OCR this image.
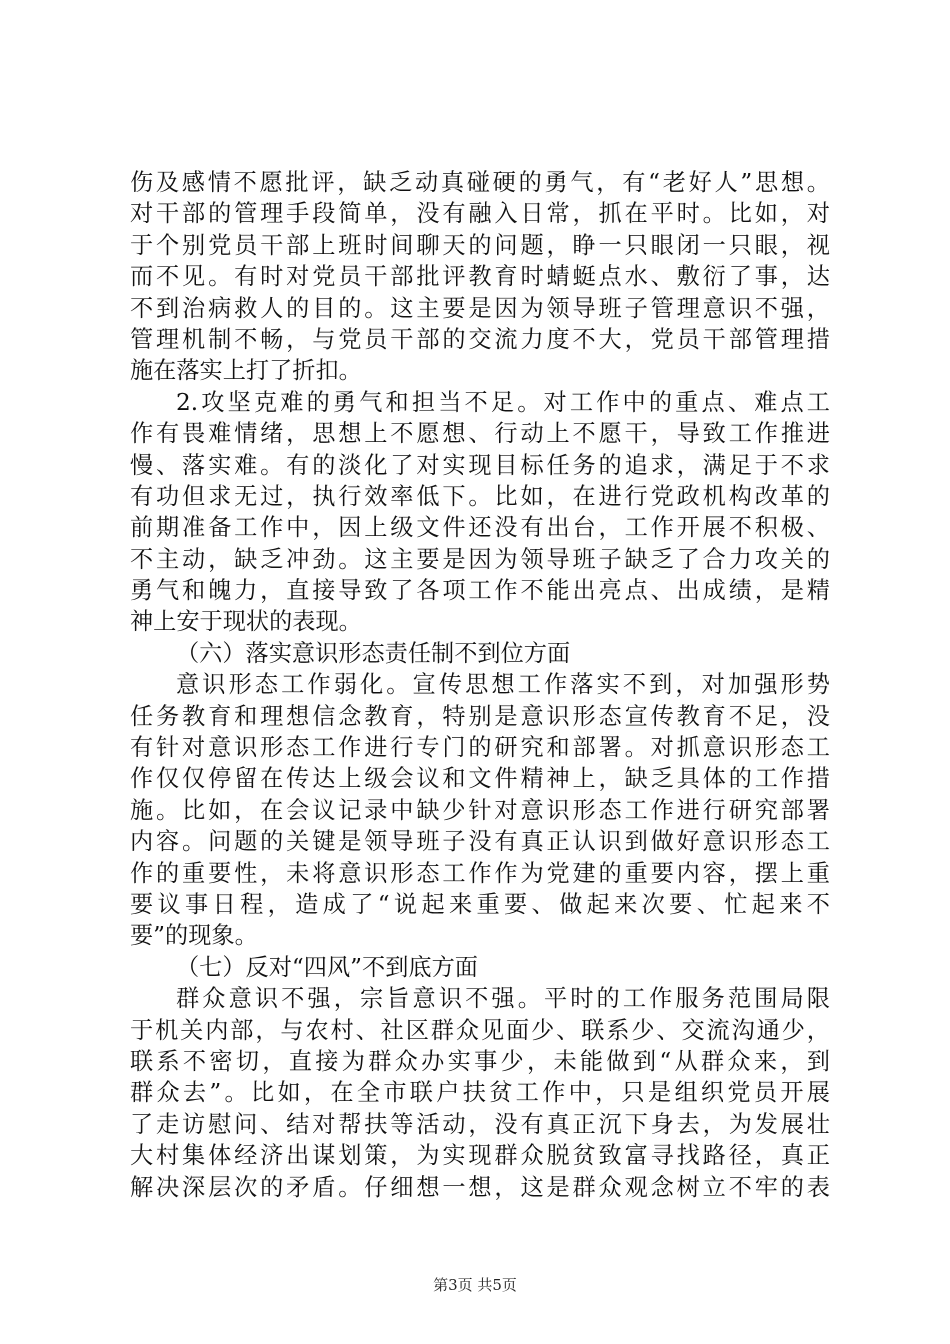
伤及感情不愿批评，缺乏动真碰硬的勇气，有“老好人”思想。
对干部的管理手段简单，没有融入日常，抓在平时。比如，对
于个别党员干部上班时间聊天的问题，睁一只眼闭一只眼，视
而不见。有时对党员干部批评教育时蜻蜓点水、敷衍了事，达
不到治病救人的目的。这主要是因为领导班子管理意识不强，
管理机制不畅，与党员干部的交流力度不大，党员干部管理措
施在落实上打了折扣。
2.攻坚克难的勇气和担当不足。对工作中的重点、难点工
作有畏难情绪，思想上不愿想、行动上不愿干，导致工作推进
慢、落实难。有的淡化了对实现目标任务的追求，满足于不求
有功但求无过，执行效率低下。比如，在进行党政机构改革的
前期准备工作中，因上级文件还没有出台，工作开展不积极、
不主动，缺乏冲劲。这主要是因为领导班子缺乏了合力攻关的
勇气和魄力，直接导致了各项工作不能出亮点、出成绩，是精
神上安于现状的表现。
（六）落实意识形态责任制不到位方面
意识形态工作弱化。宣传思想工作落实不到，对加强形势
任务教育和理想信念教育，特别是意识形态宣传教育不足，没
有针对意识形态工作进行专门的研究和部署。对抓意识形态工
作仅仅停留在传达上级会议和文件精神上，缺乏具体的工作措
施。比如，在会议记录中缺少针对意识形态工作进行研究部署
内容。问题的关键是领导班子没有真正认识到做好意识形态工
作的重要性，未将意识形态工作作为党建的重要内容，摆上重
要议事日程，造成了“说起来重要、做起来次要、忙起来不
要”的现象。
（七）反对“四风”不到底方面
群众意识不强，宗旨意识不强。平时的工作服务范围局限
于机关内部，与农村、社区群众见面少、联系少、交流沟通少，
联系不密切，直接为群众办实事少，未能做到“从群众来，到
群众去”。比如，在全市联户扶贫工作中，只是组织党员开展
了走访慰问、结对帮扶等活动，没有真正沉下身去，为发展壮
大村集体经济出谋划策，为实现群众脱贫致富寻找路径，真正
解决深层次的矛盾。仔细想一想，这是群众观念树立不牢的表
第3页 共5页
